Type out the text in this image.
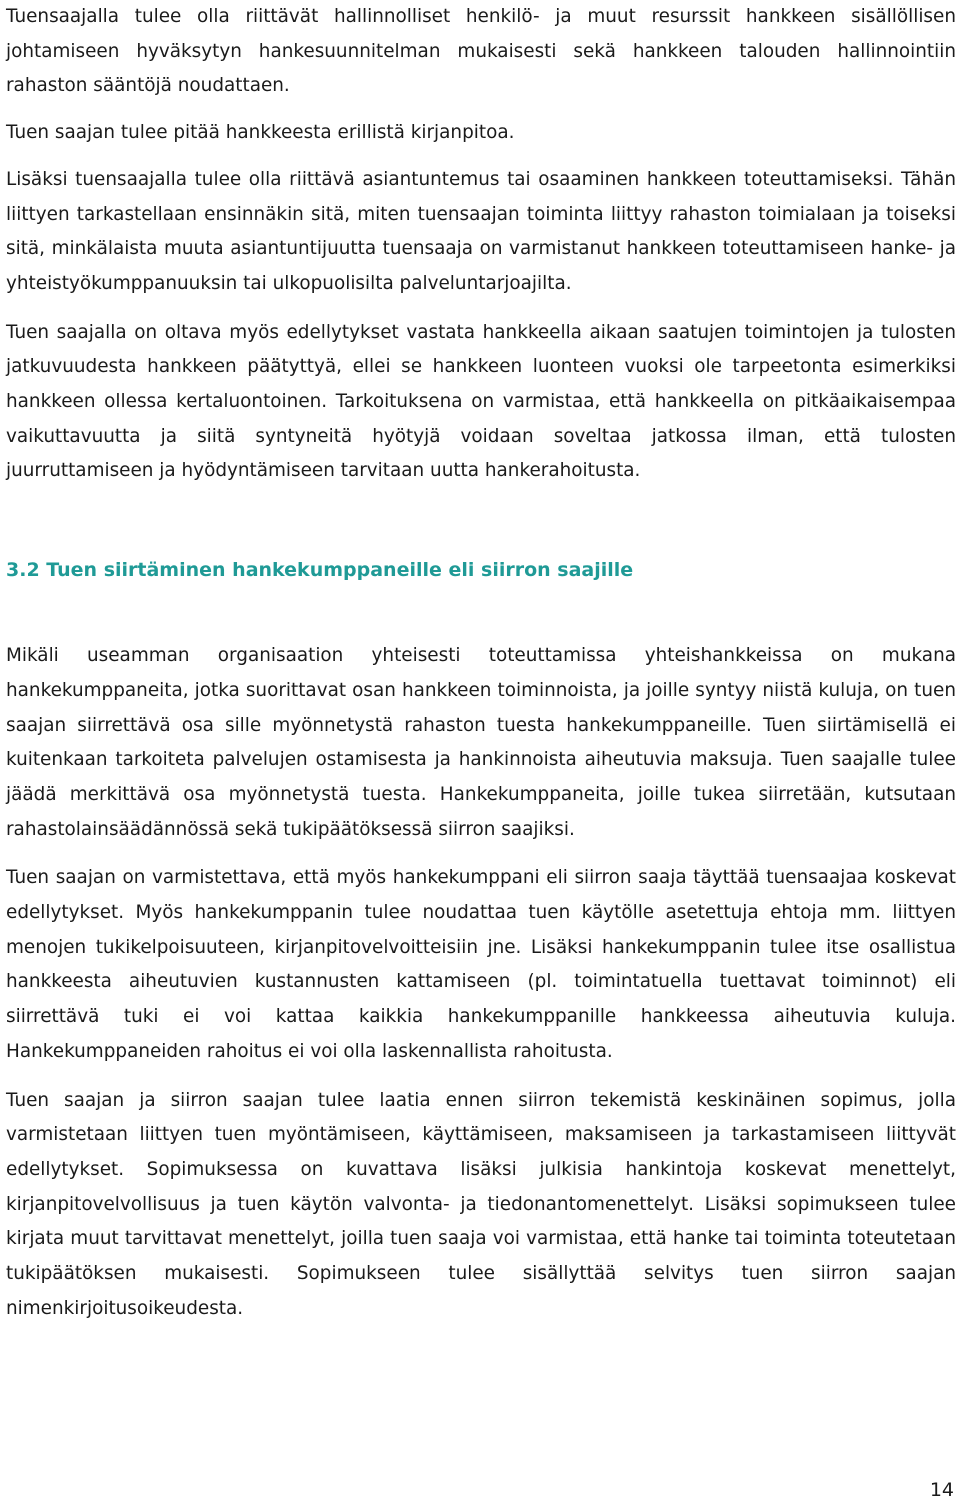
Tuensaajalla tulee olla riittävät hallinnolliset henkilö- ja muut resurssit hankkeen sisällöllisen johtamiseen hyväksytyn hankesuunnitelman mukaisesti sekä hankkeen talouden hallinnointiin rahaston sääntöjä noudattaen.

Tuen saajan tulee pitää hankkeesta erillistä kirjanpitoa.

Lisäksi tuensaajalla tulee olla riittävä asiantuntemus tai osaaminen hankkeen toteuttamiseksi. Tähän liittyen tarkastellaan ensinnäkin sitä, miten tuensaajan toiminta liittyy rahaston toimialaan ja toiseksi sitä, minkälaista muuta asiantuntijuutta tuensaaja on varmistanut hankkeen toteuttamiseen hanke- ja yhteistyökumppanuuksin tai ulkopuolisilta palveluntarjoajilta.

Tuen saajalla on oltava myös edellytykset vastata hankkeella aikaan saatujen toimintojen ja tulosten jatkuvuudesta hankkeen päätyttyä, ellei se hankkeen luonteen vuoksi ole tarpeetonta esimerkiksi hankkeen ollessa kertaluontoinen. Tarkoituksena on varmistaa, että hankkeella on pitkäaikaisempaa vaikuttavuutta ja siitä syntyneitä hyötyjä voidaan soveltaa jatkossa ilman, että tulosten juurruttamiseen ja hyödyntämiseen tarvitaan uutta hankerahoitusta.

3.2 Tuen siirtäminen hankekumppaneille eli siirron saajille

Mikäli useamman organisaation yhteisesti toteuttamissa yhteishankkeissa on mukana hankekumppaneita, jotka suorittavat osan hankkeen toiminnoista, ja joille syntyy niistä kuluja, on tuen saajan siirrettävä osa sille myönnetystä rahaston tuesta hankekumppaneille. Tuen siirtämisellä ei kuitenkaan tarkoiteta palvelujen ostamisesta ja hankinnoista aiheutuvia maksuja. Tuen saajalle tulee jäädä merkittävä osa myönnetystä tuesta. Hankekumppaneita, joille tukea siirretään, kutsutaan rahastolainsäädännössä sekä tukipäätöksessä siirron saajiksi.

Tuen saajan on varmistettava, että myös hankekumppani eli siirron saaja täyttää tuensaajaa koskevat edellytykset. Myös hankekumppanin tulee noudattaa tuen käytölle asetettuja ehtoja mm. liittyen menojen tukikelpoisuuteen, kirjanpitovelvoitteisiin jne. Lisäksi hankekumppanin tulee itse osallistua hankkeesta aiheutuvien kustannusten kattamiseen (pl. toimintatuella tuettavat toiminnot) eli siirrettävä tuki ei voi kattaa kaikkia hankekumppanille hankkeessa aiheutuvia kuluja. Hankekumppaneiden rahoitus ei voi olla laskennallista rahoitusta.

Tuen saajan ja siirron saajan tulee laatia ennen siirron tekemistä keskinäinen sopimus, jolla varmistetaan liittyen tuen myöntämiseen, käyttämiseen, maksamiseen ja tarkastamiseen liittyvät edellytykset. Sopimuksessa on kuvattava lisäksi julkisia hankintoja koskevat menettelyt, kirjanpitovelvollisuus ja tuen käytön valvonta- ja tiedonantomenettelyt. Lisäksi sopimukseen tulee kirjata muut tarvittavat menettelyt, joilla tuen saaja voi varmistaa, että hanke tai toiminta toteutetaan tukipäätöksen mukaisesti. Sopimukseen tulee sisällyttää selvitys tuen siirron saajan nimenkirjoitusoikeudesta.

14
